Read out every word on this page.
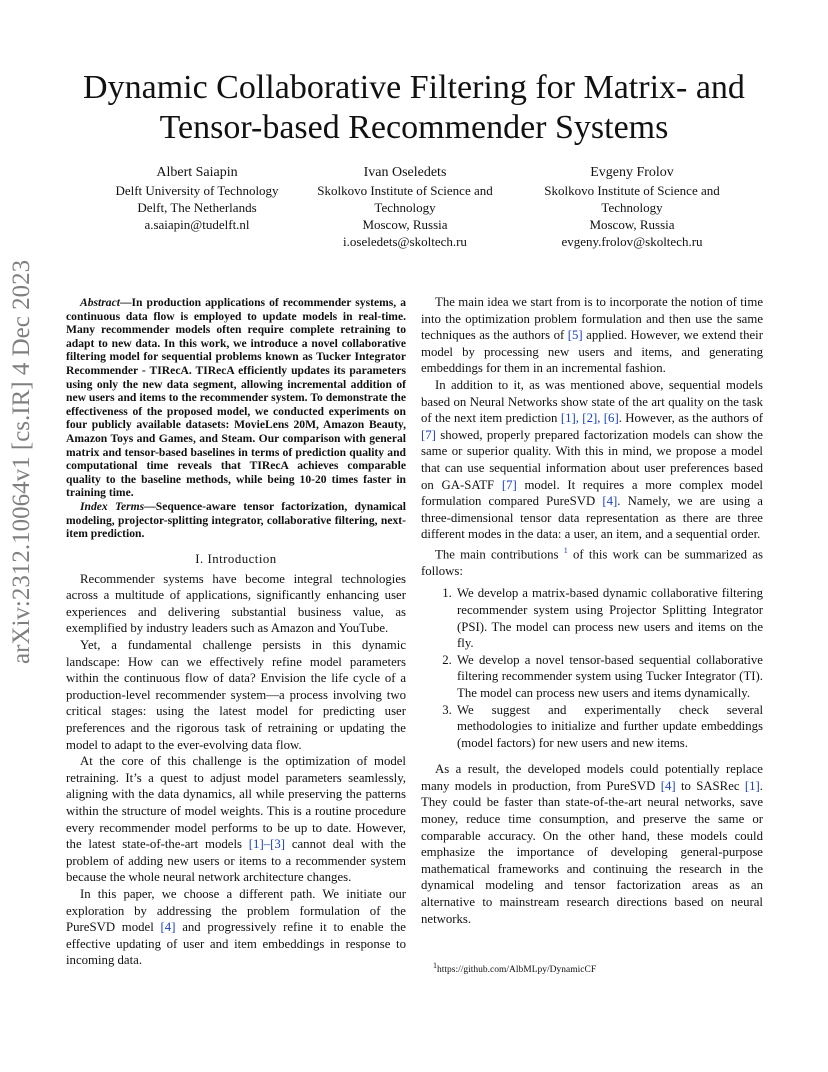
Dynamic Collaborative Filtering for Matrix- and Tensor-based Recommender Systems
Albert Saiapin
Delft University of Technology
Delft, The Netherlands
a.saiapin@tudelft.nl
Ivan Oseledets
Skolkovo Institute of Science and
Technology
Moscow, Russia
i.oseledets@skoltech.ru
Evgeny Frolov
Skolkovo Institute of Science and
Technology
Moscow, Russia
evgeny.frolov@skoltech.ru
arXiv:2312.10064v1 [cs.IR] 4 Dec 2023	Abstract—In production applications of recommender systems, a continuous data flow is employed to update models in real-time. Many recommender models often require complete retraining to adapt to new data. In this work, we introduce a novel collaborative filtering model for sequential problems known as Tucker Integrator Recommender - TIRecA. TIRecA efficiently updates its parameters using only the new data segment, allowing incremental addition of new users and items to the recommender system. To demonstrate the effectiveness of the proposed model, we conducted experiments on four publicly available datasets: MovieLens 20M, Amazon Beauty, Amazon Toys and Games, and Steam. Our comparison with general matrix and tensor-based baselines in terms of prediction quality and computational time reveals that TIRecA achieves comparable quality to the baseline methods, while being 10-20 times faster in training time.

Index Terms—Sequence-aware tensor factorization, dynamical modeling, projector-splitting integrator, collaborative filtering, next-item prediction.

I. Introduction

Recommender systems have become integral technologies across a multitude of applications, significantly enhancing user experiences and delivering substantial business value, as exemplified by industry leaders such as Amazon and YouTube.

Yet, a fundamental challenge persists in this dynamic landscape: How can we effectively refine model parameters within the continuous flow of data? Envision the life cycle of a production-level recommender system—a process involving two critical stages: using the latest model for predicting user preferences and the rigorous task of retraining or updating the model to adapt to the ever-evolving data flow.

At the core of this challenge is the optimization of model retraining. It’s a quest to adjust model parameters seamlessly, aligning with the data dynamics, all while preserving the patterns within the structure of model weights. This is a routine procedure every recommender model performs to be up to date. However, the latest state-of-the-art models [1]–[3] cannot deal with the problem of adding new users or items to a recommender system because the whole neural network architecture changes.

In this paper, we choose a different path. We initiate our exploration by addressing the problem formulation of the PureSVD model [4] and progressively refine it to enable the effective updating of user and item embeddings in response to incoming data.

The main idea we start from is to incorporate the notion of time into the optimization problem formulation and then use the same techniques as the authors of [5] applied. However, we extend their model by processing new users and items, and generating embeddings for them in an incremental fashion.

In addition to it, as was mentioned above, sequential models based on Neural Networks show state of the art quality on the task of the next item prediction [1], [2], [6]. However, as the authors of [7] showed, properly prepared factorization models can show the same or superior quality. With this in mind, we propose a model that can use sequential information about user preferences based on GA-SATF [7] model. It requires a more complex model formulation compared PureSVD [4]. Namely, we are using a three-dimensional tensor data representation as there are three different modes in the data: a user, an item, and a sequential order.

The main contributions $^1$ of this work can be summarized as follows:

1. We develop a matrix-based dynamic collaborative filtering recommender system using Projector Splitting Integrator (PSI). The model can process new users and items on the fly.
2. We develop a novel tensor-based sequential collaborative filtering recommender system using Tucker Integrator (TI). The model can process new users and items dynamically.
3. We suggest and experimentally check several methodologies to initialize and further update embeddings (model factors) for new users and new items.

As a result, the developed models could potentially replace many models in production, from PureSVD [4] to SASRec [1]. They could be faster than state-of-the-art neural networks, save money, reduce time consumption, and preserve the same or comparable accuracy. On the other hand, these models could emphasize the importance of developing general-purpose mathematical frameworks and continuing the research in the dynamical modeling and tensor factorization areas as an alternative to mainstream research directions based on neural networks.

$^1$https://github.com/AlbMLpy/DynamicCF
